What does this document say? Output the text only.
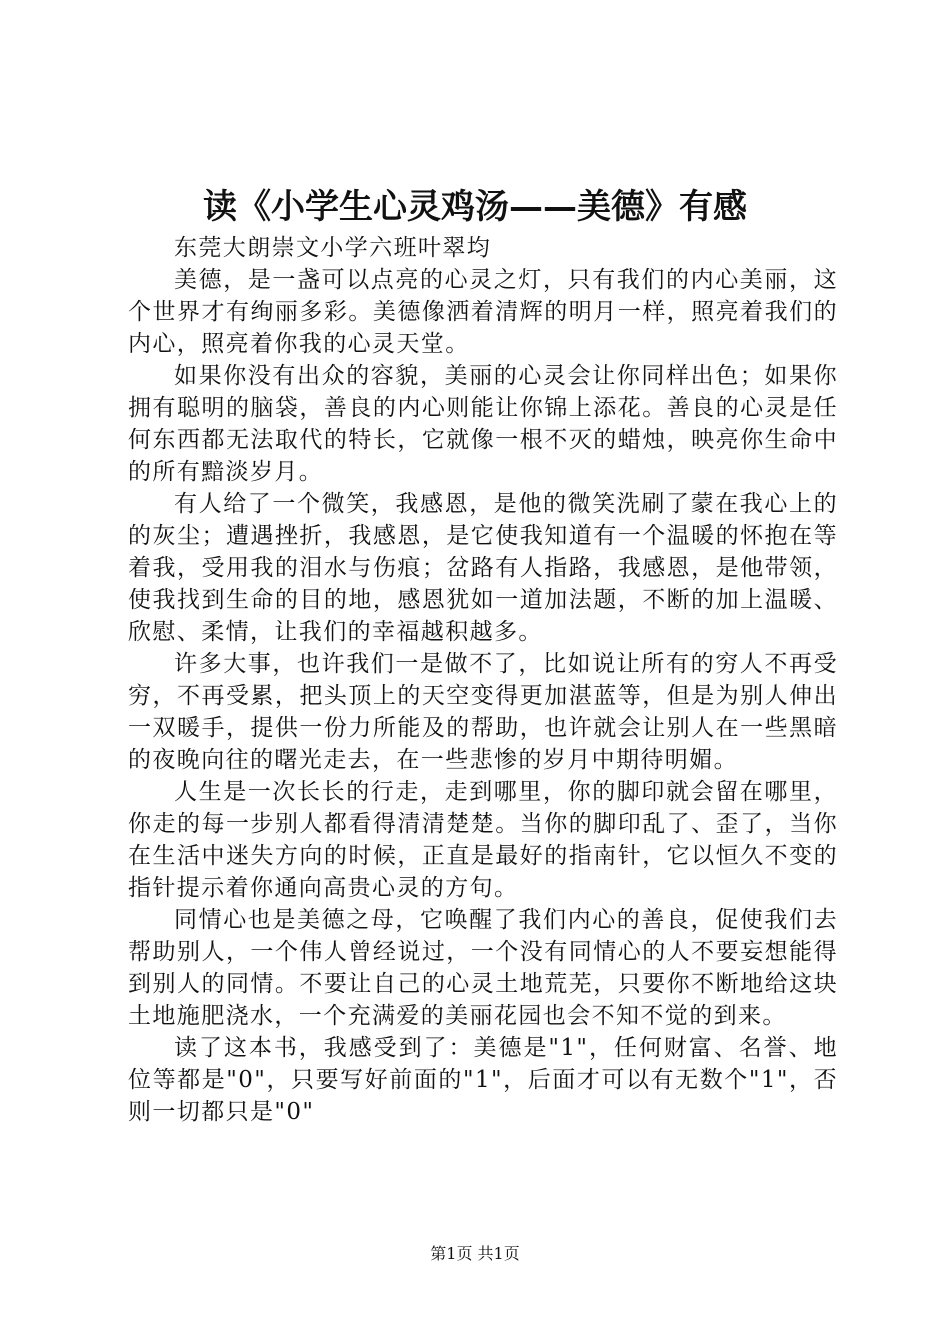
读《小学生心灵鸡汤——美德》有感

东莞大朗崇文小学六班叶翠均

美德，是一盏可以点亮的心灵之灯，只有我们的内心美丽，这个世界才有绚丽多彩。美德像洒着清辉的明月一样，照亮着我们的内心，照亮着你我的心灵天堂。

如果你没有出众的容貌，美丽的心灵会让你同样出色；如果你拥有聪明的脑袋，善良的内心则能让你锦上添花。善良的心灵是任何东西都无法取代的特长，它就像一根不灭的蜡烛，映亮你生命中的所有黯淡岁月。

有人给了一个微笑，我感恩，是他的微笑洗刷了蒙在我心上的的灰尘；遭遇挫折，我感恩，是它使我知道有一个温暖的怀抱在等着我，受用我的泪水与伤痕；岔路有人指路，我感恩，是他带领，使我找到生命的目的地，感恩犹如一道加法题，不断的加上温暖、欣慰、柔情，让我们的幸福越积越多。

许多大事，也许我们一是做不了，比如说让所有的穷人不再受穷，不再受累，把头顶上的天空变得更加湛蓝等，但是为别人伸出一双暖手，提供一份力所能及的帮助，也许就会让别人在一些黑暗的夜晚向往的曙光走去，在一些悲惨的岁月中期待明媚。

人生是一次长长的行走，走到哪里，你的脚印就会留在哪里，你走的每一步别人都看得清清楚楚。当你的脚印乱了、歪了，当你在生活中迷失方向的时候，正直是最好的指南针，它以恒久不变的指针提示着你通向高贵心灵的方句。

同情心也是美德之母，它唤醒了我们内心的善良，促使我们去帮助别人，一个伟人曾经说过，一个没有同情心的人不要妄想能得到别人的同情。不要让自己的心灵土地荒芜，只要你不断地给这块土地施肥浇水，一个充满爱的美丽花园也会不知不觉的到来。

读了这本书，我感受到了：美德是"1"，任何财富、名誉、地位等都是"0"，只要写好前面的"1"，后面才可以有无数个"1"，否则一切都只是"0"

第1页 共1页
